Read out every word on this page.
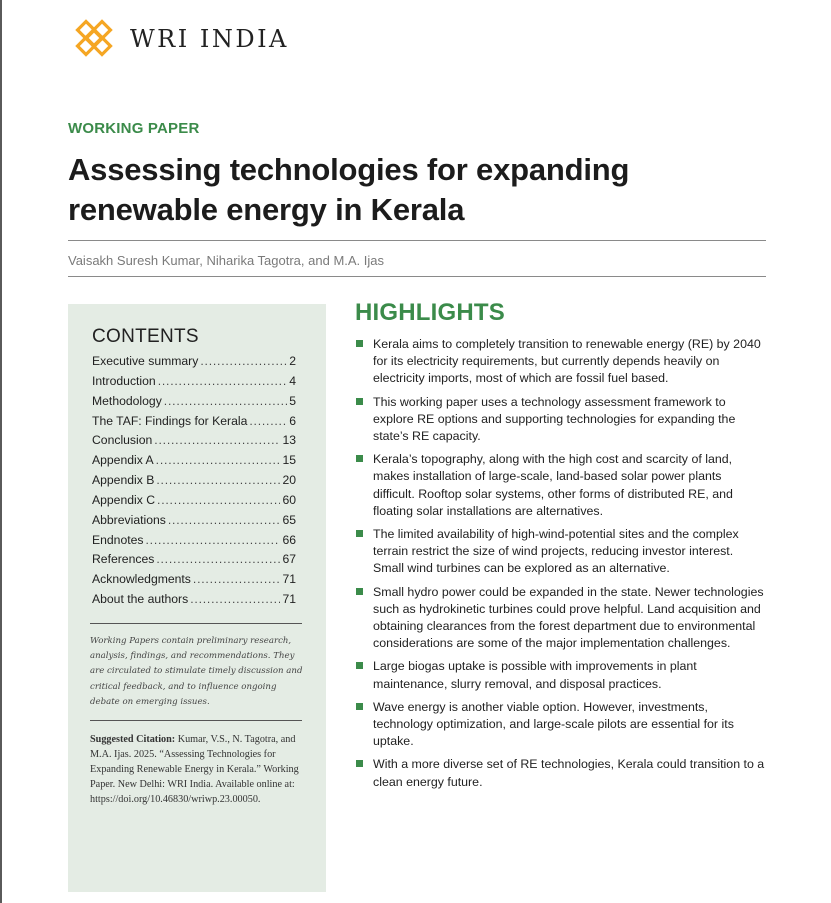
WRI INDIA
WORKING PAPER
Assessing technologies for expanding renewable energy in Kerala
Vaisakh Suresh Kumar, Niharika Tagotra, and M.A. Ijas
CONTENTS
Executive summary . . .	2
Introduction . . .	4
Methodology . . .	5
The TAF: Findings for Kerala . . .	6
Conclusion . . .	13
Appendix A . . .	15
Appendix B . . .	20
Appendix C . . .	60
Abbreviations . . .	65
Endnotes . . .	66
References . . .	67
Acknowledgments . . .	71
About the authors . . .	71
Working Papers contain preliminary research, analysis, findings, and recommendations. They are circulated to stimulate timely discussion and critical feedback, and to influence ongoing debate on emerging issues.
Suggested Citation: Kumar, V.S., N. Tagotra, and M.A. Ijas. 2025. “Assessing Technologies for Expanding Renewable Energy in Kerala.” Working Paper. New Delhi: WRI India. Available online at: https://doi.org/10.46830/wriwp.23.00050.
HIGHLIGHTS
Kerala aims to completely transition to renewable energy (RE) by 2040 for its electricity requirements, but currently depends heavily on electricity imports, most of which are fossil fuel based.
This working paper uses a technology assessment framework to explore RE options and supporting technologies for expanding the state’s RE capacity.
Kerala’s topography, along with the high cost and scarcity of land, makes installation of large-scale, land-based solar power plants difficult. Rooftop solar systems, other forms of distributed RE, and floating solar installations are alternatives.
The limited availability of high-wind-potential sites and the complex terrain restrict the size of wind projects, reducing investor interest. Small wind turbines can be explored as an alternative.
Small hydro power could be expanded in the state. Newer technologies such as hydrokinetic turbines could prove helpful. Land acquisition and obtaining clearances from the forest department due to environmental considerations are some of the major implementation challenges.
Large biogas uptake is possible with improvements in plant maintenance, slurry removal, and disposal practices.
Wave energy is another viable option. However, investments, technology optimization, and large-scale pilots are essential for its uptake.
With a more diverse set of RE technologies, Kerala could transition to a clean energy future.
